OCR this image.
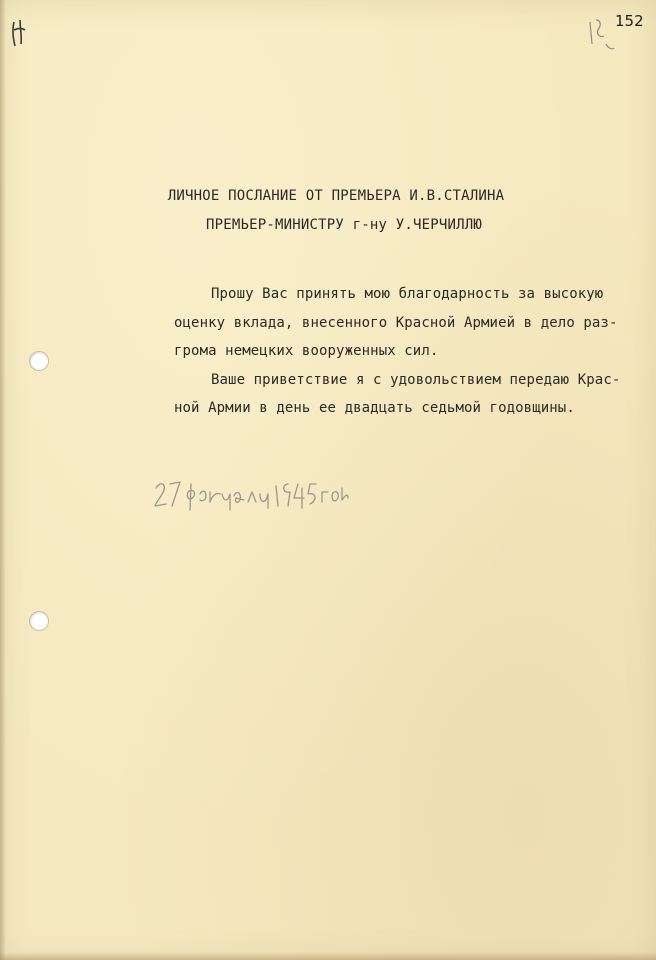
152
ЛИЧНОЕ ПОСЛАНИЕ ОТ ПРЕМЬЕРА И.В.СТАЛИНА
ПРЕМЬЕР-МИНИСТРУ г-ну У.ЧЕРЧИЛЛЮ
Прошу Вас принять мою благодарность за высокую
оценку вклада, внесенного Красной Армией в дело раз-
грома немецких вооруженных сил.
Ваше приветствие я с удовольствием передаю Крас-
ной Армии в день ее двадцать седьмой годовщины.
